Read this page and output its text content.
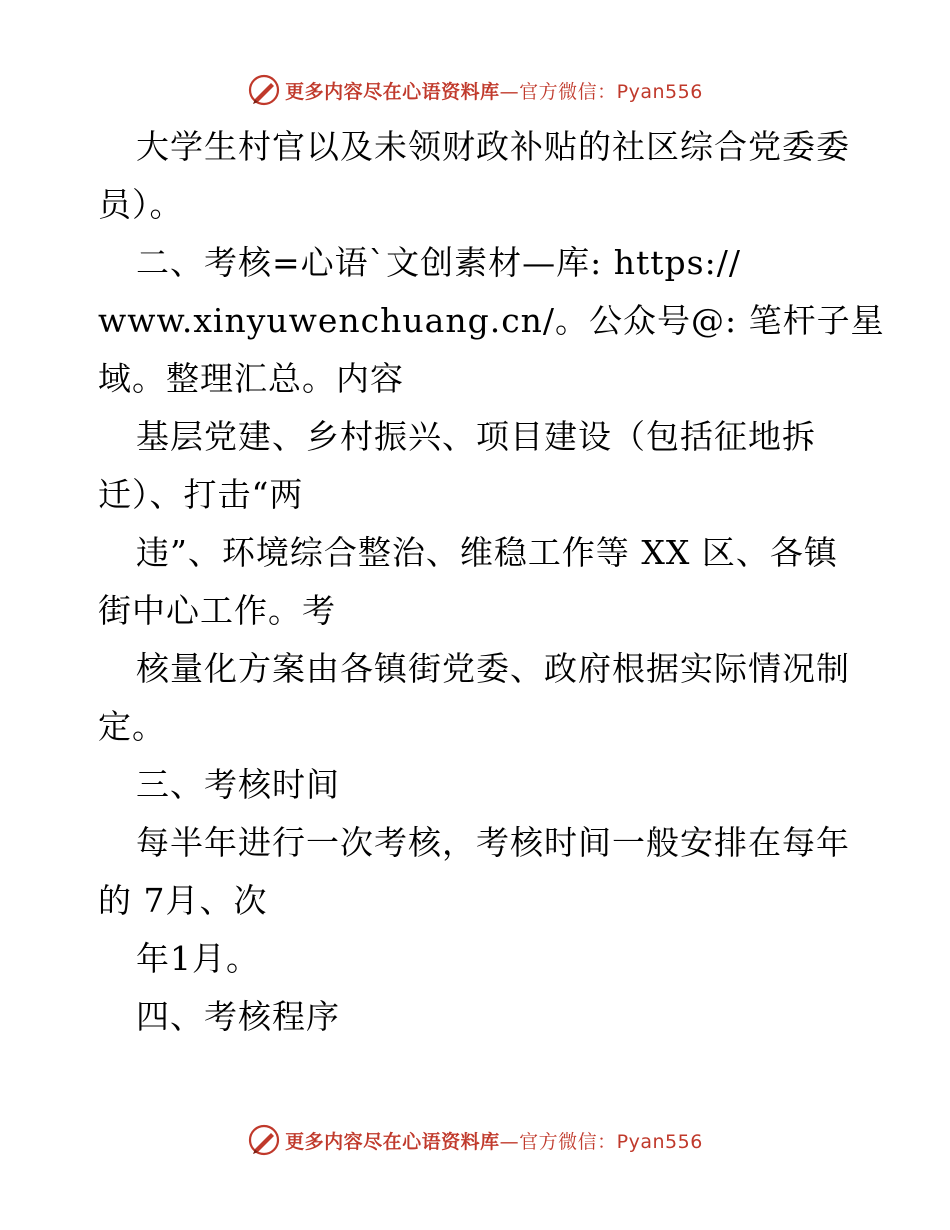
更多内容尽在心语资料库—官方微信：Pyan556
大学生村官以及未领财政补贴的社区综合党委委
员）。
二、考核=心语`文创素材—库: https://
www.xinyuwenchuang.cn/。公众号@: 笔杆子星
域。整理汇总。内容
基层党建、乡村振兴、项目建设（包括征地拆
迁）、打击“两
违”、环境综合整治、维稳工作等 XX 区、各镇
街中心工作。考
核量化方案由各镇街党委、政府根据实际情况制
定。
三、考核时间
每半年进行一次考核，考核时间一般安排在每年
的 7月、次
年1月。
四、考核程序
更多内容尽在心语资料库—官方微信：Pyan556
